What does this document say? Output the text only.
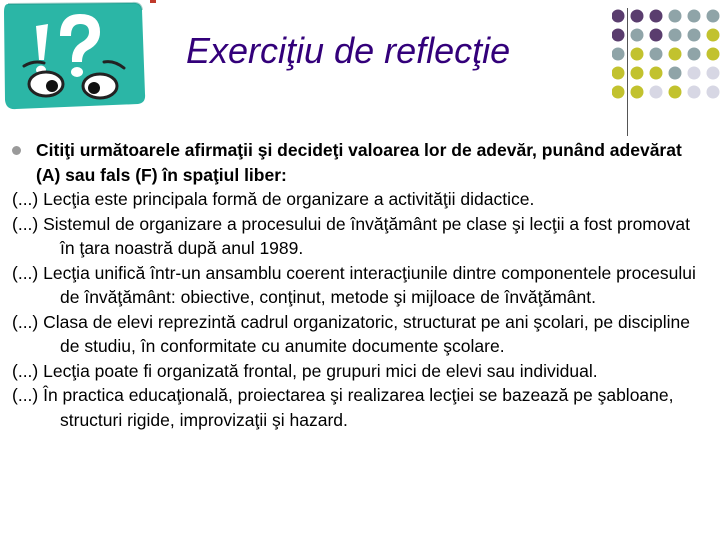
Exerciţiu de reflecţie
Citiţi următoarele afirmaţii şi decideţi valoarea lor de adevăr, punând adevărat (A) sau fals (F) în spaţiul liber:
(...) Lecţia este principala formă de organizare a activităţii didactice.
(...) Sistemul de organizare a procesului de învăţământ pe clase şi lecţii a fost promovat în ţara noastră după anul 1989.
(...) Lecţia unifică într-un ansamblu coerent interacţiunile dintre componentele procesului de învăţământ: obiective, conţinut, metode şi mijloace de învăţământ.
(...) Clasa de elevi reprezintă cadrul organizatoric, structurat pe ani şcolari, pe discipline de studiu, în conformitate cu anumite documente şcolare.
(...) Lecţia poate fi organizată frontal, pe grupuri mici de elevi sau individual.
(...) În practica educaţională, proiectarea şi realizarea lecţiei se bazează pe şabloane, structuri rigide, improvizaţii şi hazard.
